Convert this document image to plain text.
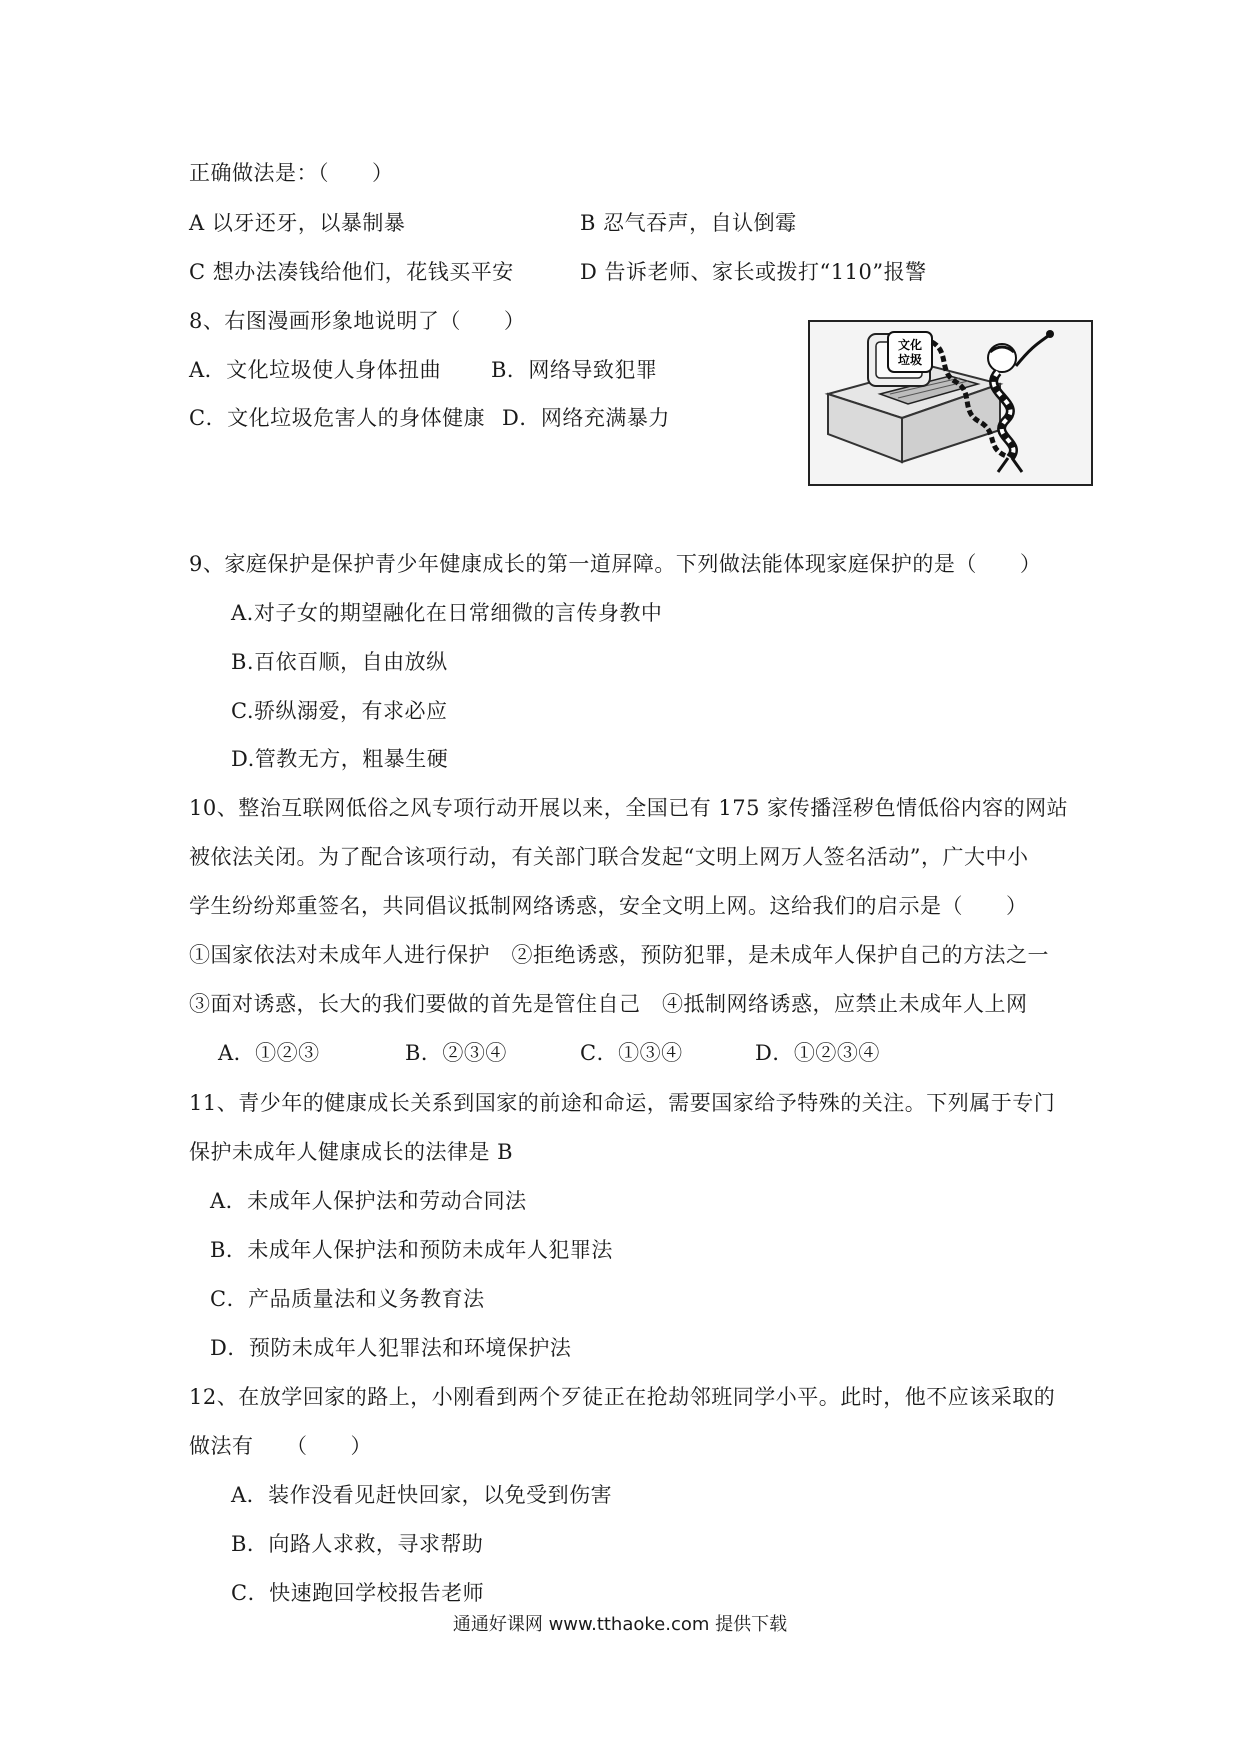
正确做法是：（　　）
A 以牙还牙，以暴制暴	B 忍气吞声，自认倒霉
C 想办法凑钱给他们，花钱买平安	D 告诉老师、家长或拨打“110”报警
8、右图漫画形象地说明了（　　）
A．文化垃圾使人身体扭曲 B．网络导致犯罪
C．文化垃圾危害人的身体健康 D．网络充满暴力
文化
垃圾
9、家庭保护是保护青少年健康成长的第一道屏障。下列做法能体现家庭保护的是（　　）
A.对子女的期望融化在日常细微的言传身教中
B.百依百顺，自由放纵
C.骄纵溺爱，有求必应
D.管教无方，粗暴生硬
10、整治互联网低俗之风专项行动开展以来，全国已有 175 家传播淫秽色情低俗内容的网站
被依法关闭。为了配合该项行动，有关部门联合发起“文明上网万人签名活动”，广大中小
学生纷纷郑重签名，共同倡议抵制网络诱惑，安全文明上网。这给我们的启示是（　　）
①国家依法对未成年人进行保护　②拒绝诱惑，预防犯罪，是未成年人保护自己的方法之一
③面对诱惑，长大的我们要做的首先是管住自己　④抵制网络诱惑，应禁止未成年人上网
A．①②③	B．②③④	C．①③④	D．①②③④
11、青少年的健康成长关系到国家的前途和命运，需要国家给予特殊的关注。下列属于专门
保护未成年人健康成长的法律是 B
A．未成年人保护法和劳动合同法
B．未成年人保护法和预防未成年人犯罪法
C．产品质量法和义务教育法
D．预防未成年人犯罪法和环境保护法
12、在放学回家的路上，小刚看到两个歹徒正在抢劫邻班同学小平。此时，他不应该采取的
做法有　　（　　）
A．装作没看见赶快回家，以免受到伤害
B．向路人求救，寻求帮助
C．快速跑回学校报告老师
通通好课网 www.tthaoke.com 提供下载
